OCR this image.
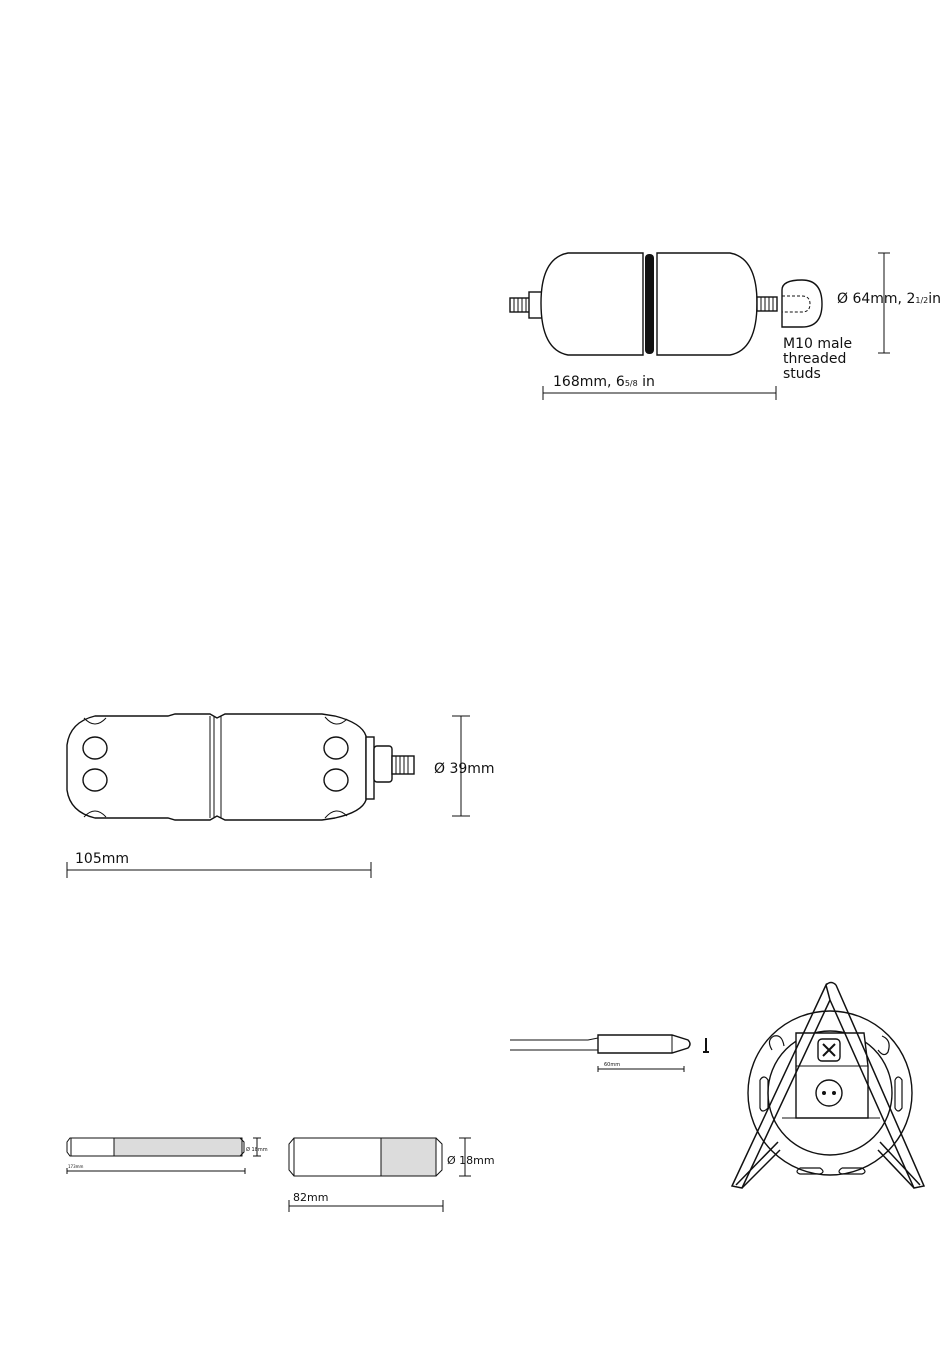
Ø 64mm, 21/2in
M10 male
threaded
studs
168mm, 65/8 in
Ø 39mm
105mm
Ø 18mm
173mm	Ø 18mm
82mm
60mm
